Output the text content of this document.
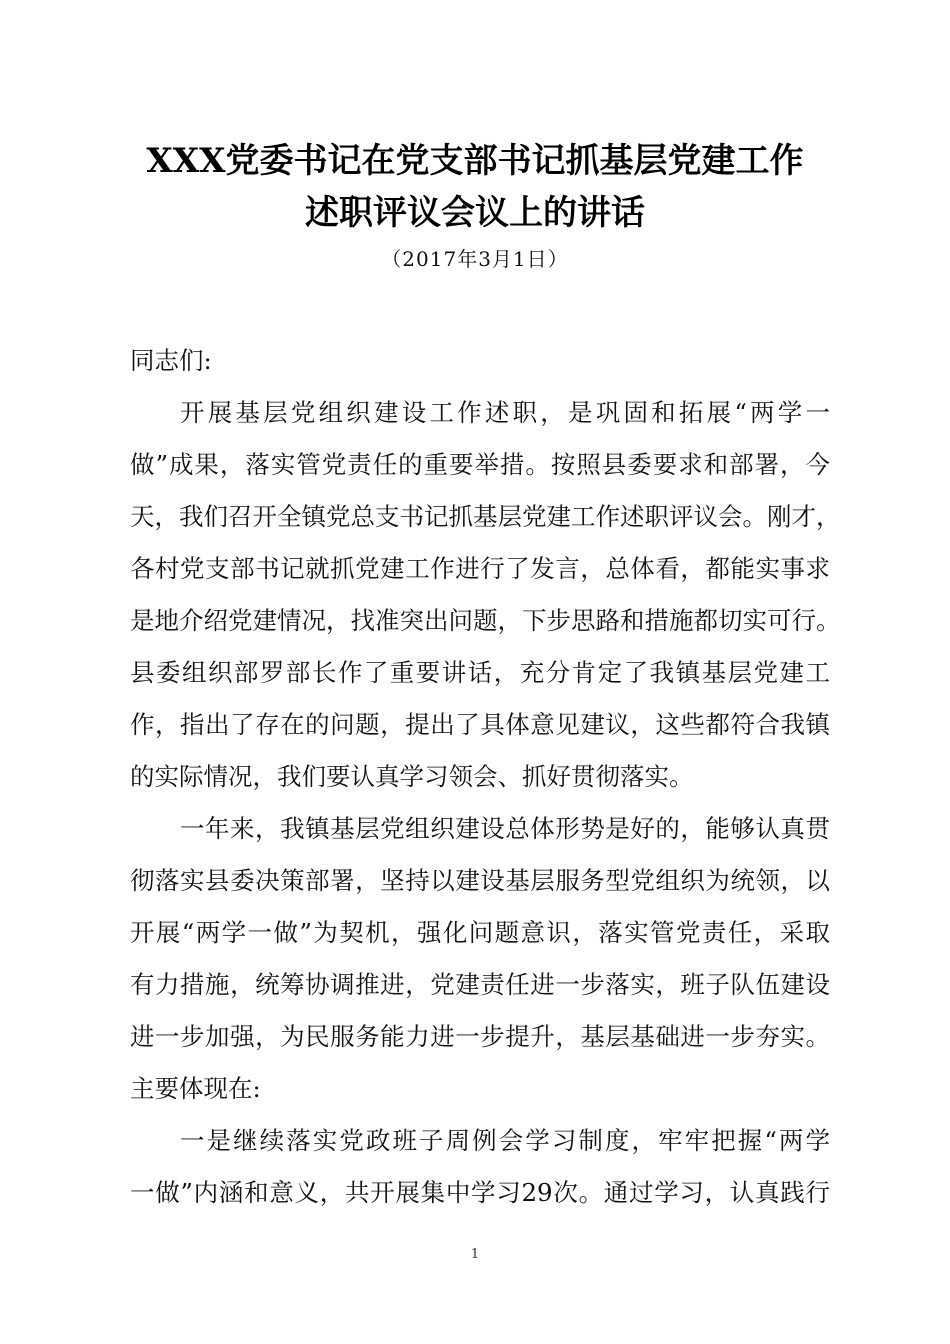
XXX党委书记在党支部书记抓基层党建工作
述职评议会议上的讲话
（2017年3月1日）
同志们:
开展基层党组织建设工作述职，是巩固和拓展“两学一
做”成果，落实管党责任的重要举措。按照县委要求和部署，今
天，我们召开全镇党总支书记抓基层党建工作述职评议会。刚才，
各村党支部书记就抓党建工作进行了发言，总体看，都能实事求
是地介绍党建情况，找准突出问题，下步思路和措施都切实可行。
县委组织部罗部长作了重要讲话，充分肯定了我镇基层党建工
作，指出了存在的问题，提出了具体意见建议，这些都符合我镇
的实际情况，我们要认真学习领会、抓好贯彻落实。
一年来，我镇基层党组织建设总体形势是好的，能够认真贯
彻落实县委决策部署，坚持以建设基层服务型党组织为统领，以
开展“两学一做”为契机，强化问题意识，落实管党责任，采取
有力措施，统筹协调推进，党建责任进一步落实，班子队伍建设
进一步加强，为民服务能力进一步提升，基层基础进一步夯实。
主要体现在:
一是继续落实党政班子周例会学习制度，牢牢把握“两学
一做”内涵和意义，共开展集中学习29次。通过学习，认真践行
1
